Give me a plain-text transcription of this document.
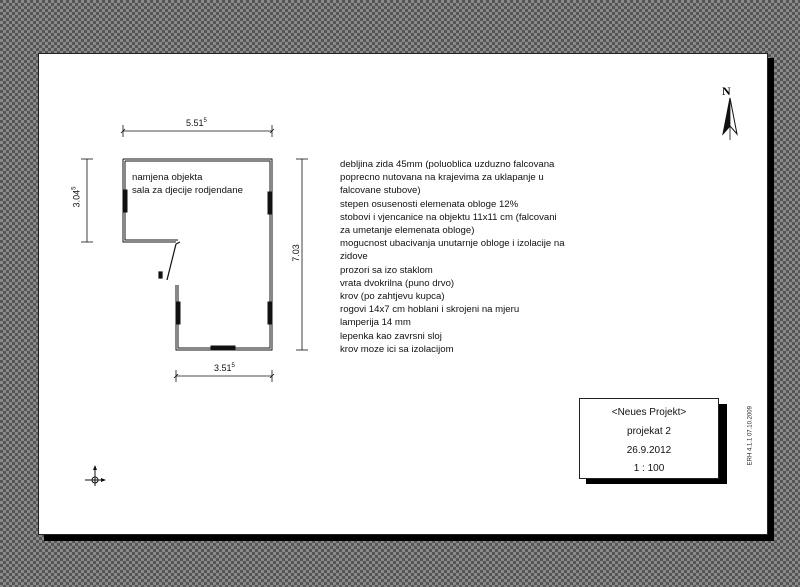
5.51$^5$
3.04$^5$
7.03
3.51$^5$
namjena objekta
sala za djecije rodjendane
debljina zida 45mm (poluoblica uzduzno falcovana
poprecno nutovana na krajevima za uklapanje u
falcovane stubove)
stepen osusenosti elemenata obloge 12%
stobovi i vjencanice na objektu 11x11 cm (falcovani
za umetanje elemenata obloge)
mogucnost ubacivanja unutarnje obloge i izolacije na
zidove
prozori sa izo staklom
vrata dvokrilna (puno drvo)
krov (po zahtjevu kupca)
rogovi 14x7 cm hoblani i skrojeni na mjeru
lamperija 14 mm
lepenka kao zavrsni sloj
krov moze ici sa izolacijom
N
ERH 4.1.1 07.10.2009
<Neues Projekt>
projekat 2
26.9.2012
1 : 100
